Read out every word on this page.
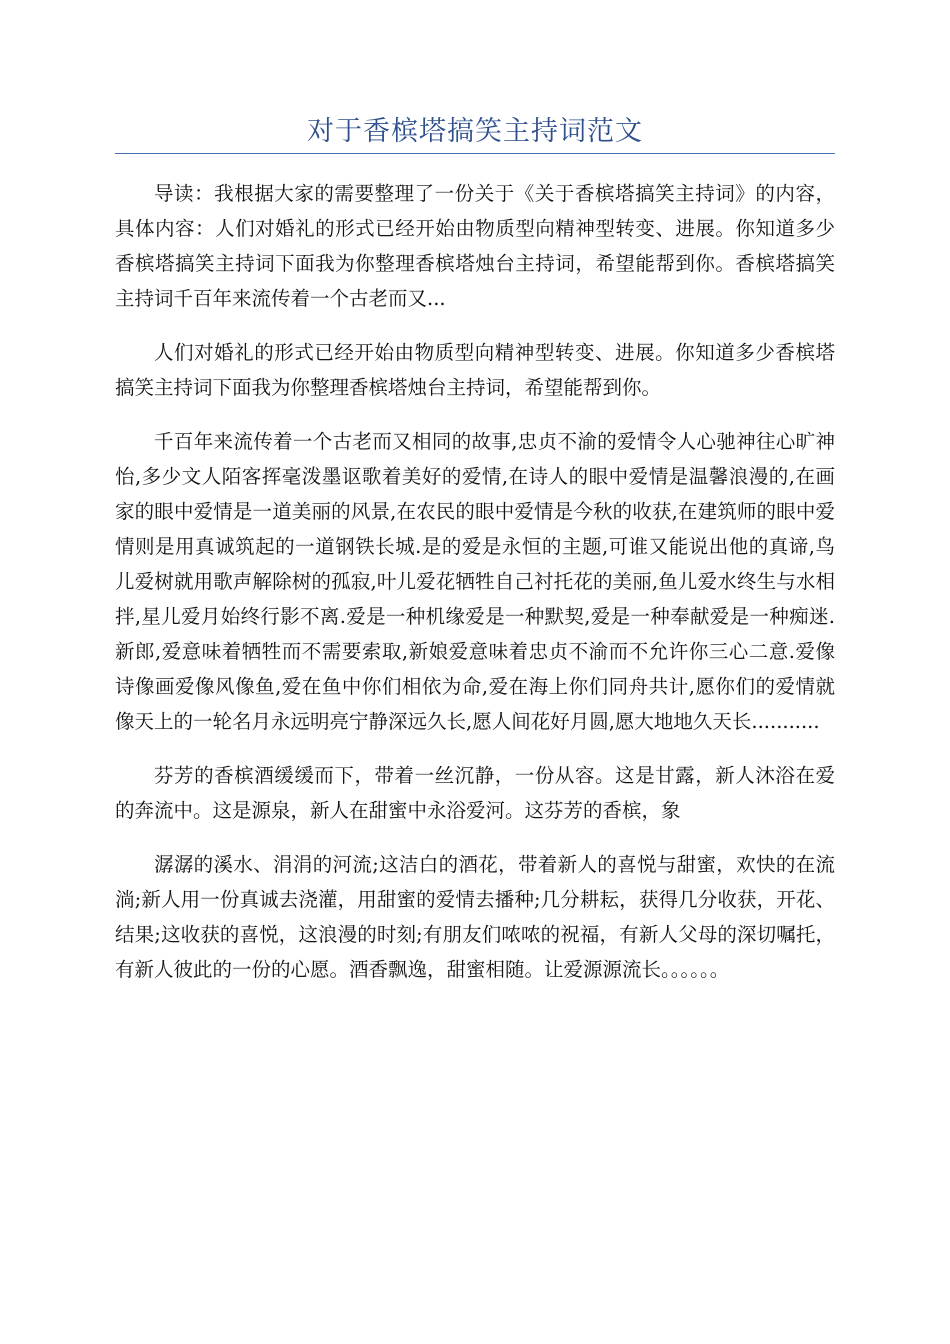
对于香槟塔搞笑主持词范文

导读：我根据大家的需要整理了一份关于《关于香槟塔搞笑主持词》的内容，具体内容：人们对婚礼的形式已经开始由物质型向精神型转变、进展。你知道多少香槟塔搞笑主持词下面我为你整理香槟塔烛台主持词，希望能帮到你。香槟塔搞笑主持词千百年来流传着一个古老而又...

人们对婚礼的形式已经开始由物质型向精神型转变、进展。你知道多少香槟塔搞笑主持词下面我为你整理香槟塔烛台主持词，希望能帮到你。

千百年来流传着一个古老而又相同的故事,忠贞不渝的爱情令人心驰神往心旷神怡,多少文人陌客挥毫泼墨讴歌着美好的爱情,在诗人的眼中爱情是温馨浪漫的,在画家的眼中爱情是一道美丽的风景,在农民的眼中爱情是今秋的收获,在建筑师的眼中爱情则是用真诚筑起的一道钢铁长城.是的爱是永恒的主题,可谁又能说出他的真谛,鸟儿爱树就用歌声解除树的孤寂,叶儿爱花牺牲自己衬托花的美丽,鱼儿爱水终生与水相拌,星儿爱月始终行影不离.爱是一种机缘爱是一种默契,爱是一种奉献爱是一种痴迷.新郎,爱意味着牺牲而不需要索取,新娘爱意味着忠贞不渝而不允许你三心二意.爱像诗像画爱像风像鱼,爱在鱼中你们相依为命,爱在海上你们同舟共计,愿你们的爱情就像天上的一轮名月永远明亮宁静深远久长,愿人间花好月圆,愿大地地久天长...........

芬芳的香槟酒缓缓而下，带着一丝沉静，一份从容。这是甘露，新人沐浴在爱的奔流中。这是源泉，新人在甜蜜中永浴爱河。这芬芳的香槟，象

潺潺的溪水、涓涓的河流;这洁白的酒花，带着新人的喜悦与甜蜜，欢快的在流淌;新人用一份真诚去浇灌，用甜蜜的爱情去播种;几分耕耘，获得几分收获，开花、结果;这收获的喜悦，这浪漫的时刻;有朋友们哝哝的祝福，有新人父母的深切嘱托，有新人彼此的一份的心愿。酒香飘逸，甜蜜相随。让爱源源流长。。。。。。
